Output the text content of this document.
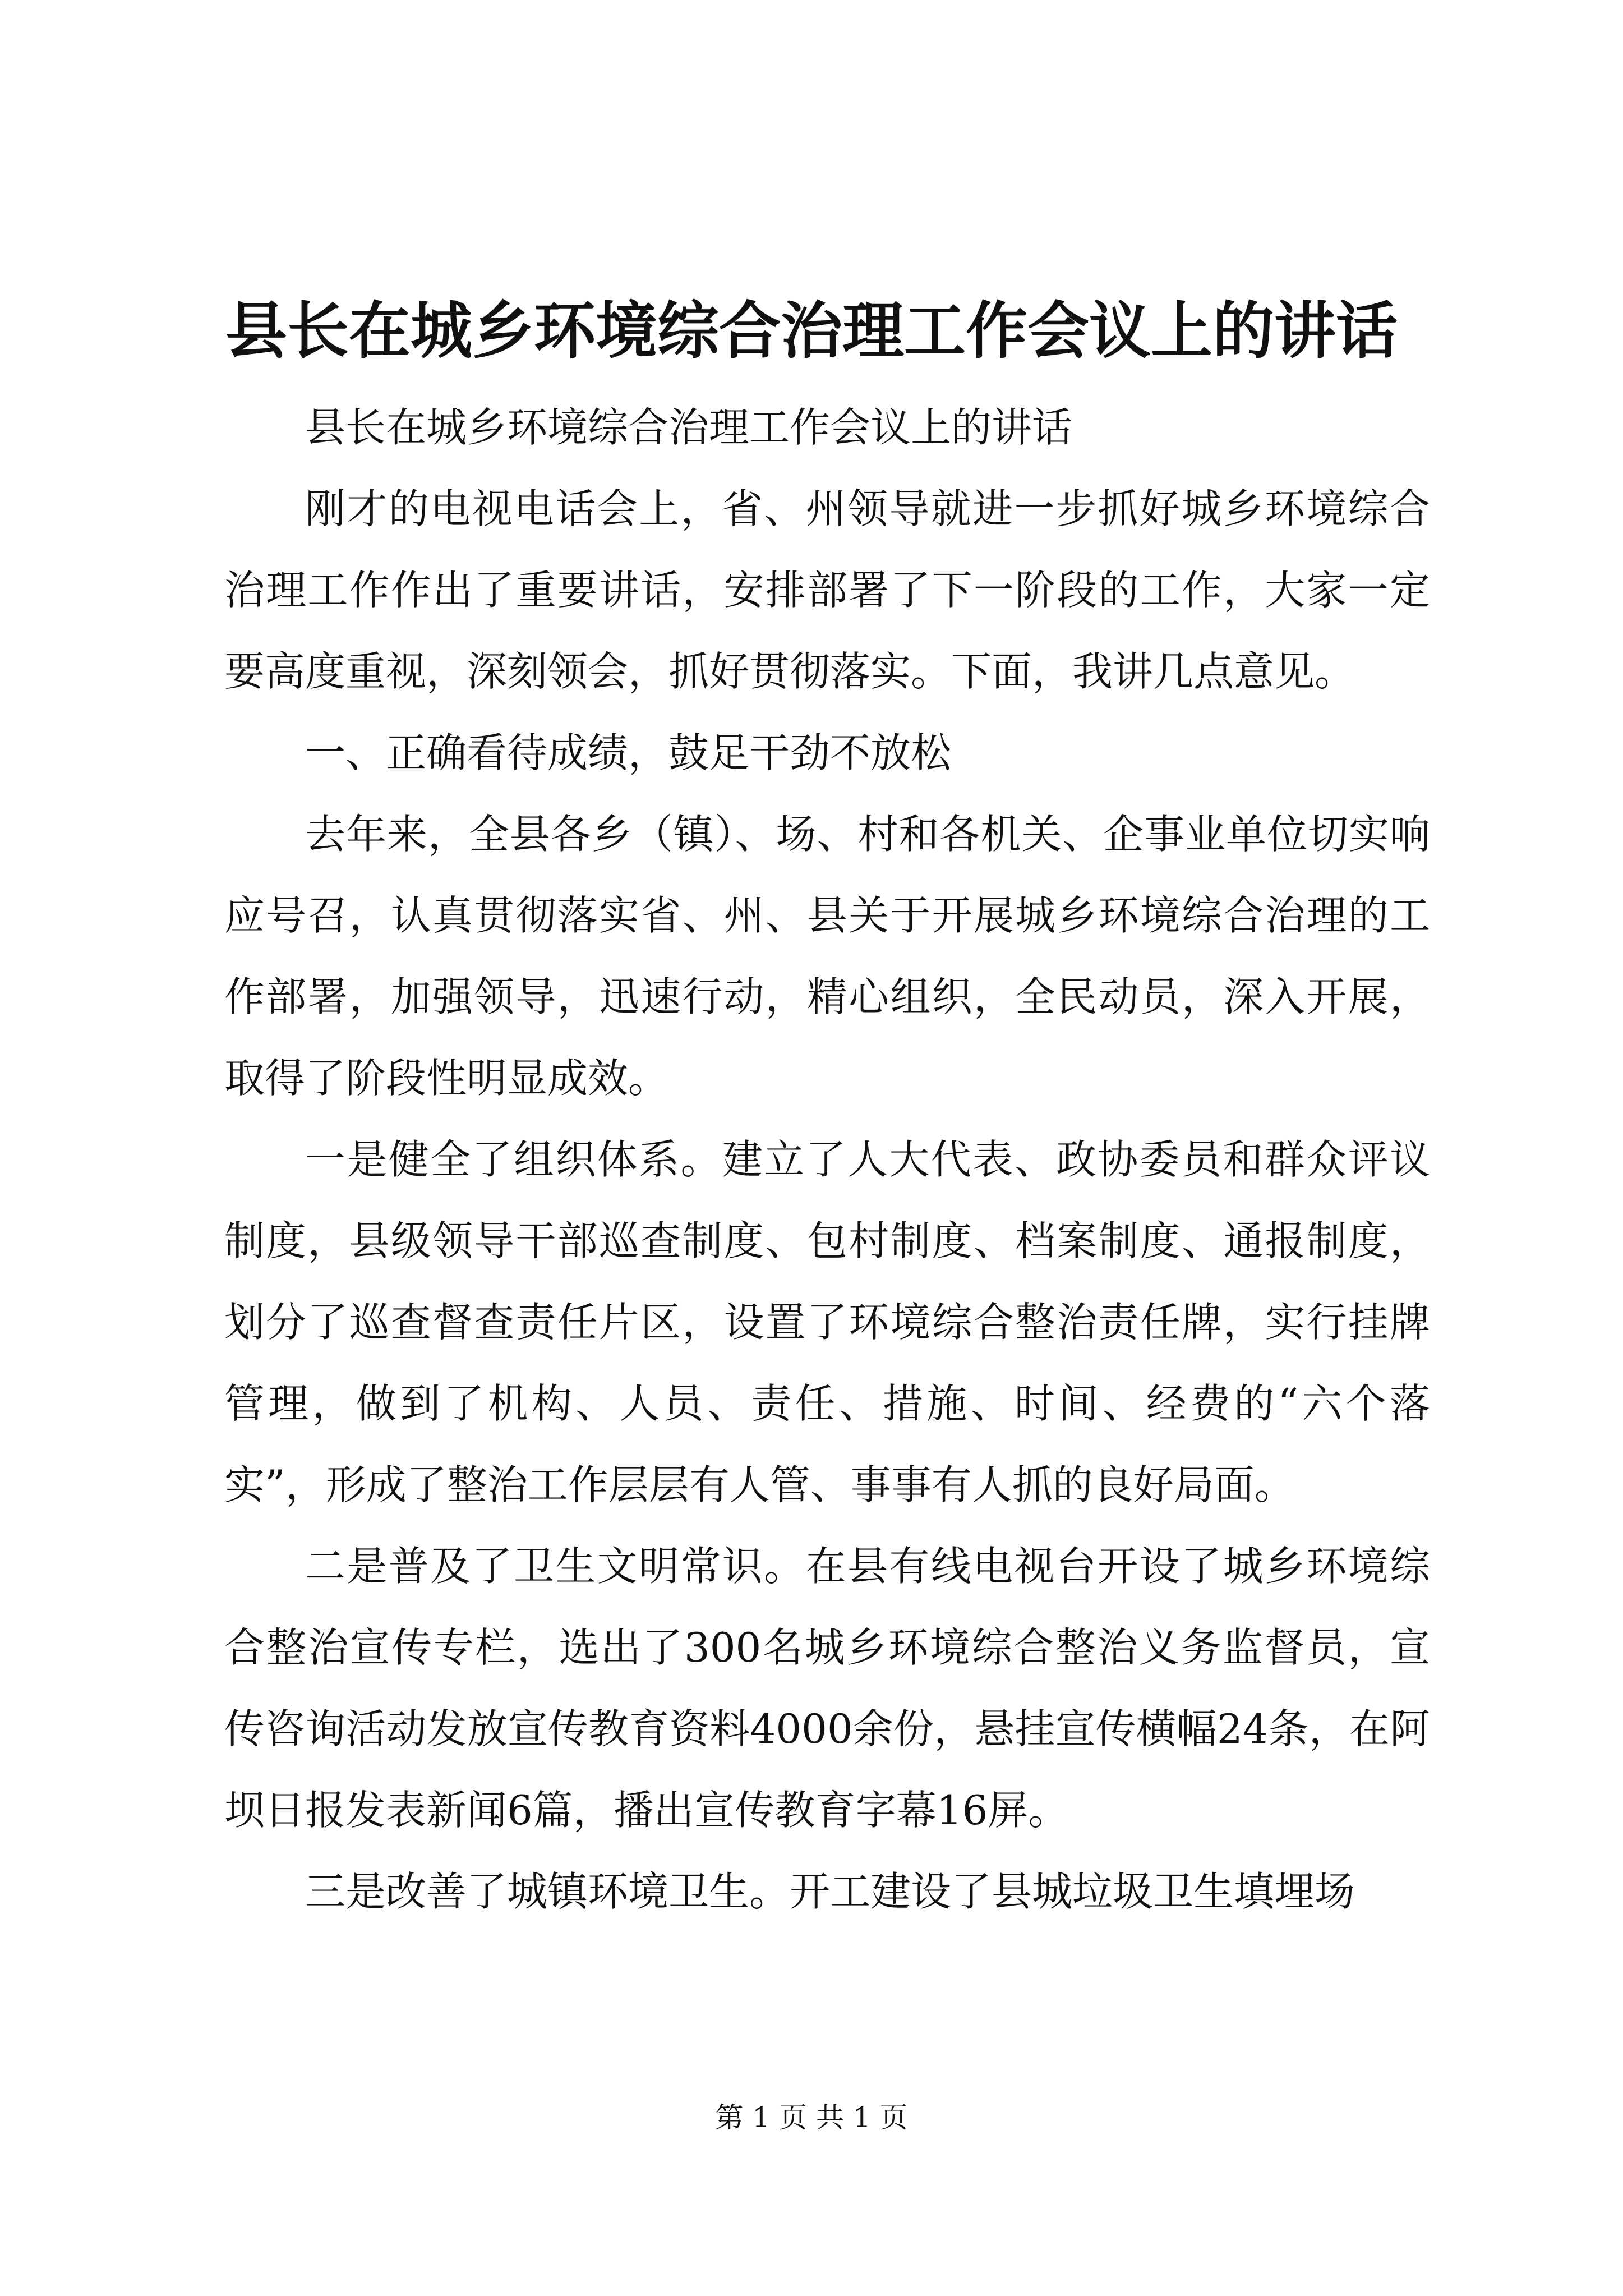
县长在城乡环境综合治理工作会议上的讲话

县长在城乡环境综合治理工作会议上的讲话

刚才的电视电话会上，省、州领导就进一步抓好城乡环境综合治理工作作出了重要讲话，安排部署了下一阶段的工作，大家一定要高度重视，深刻领会，抓好贯彻落实。下面，我讲几点意见。

一、正确看待成绩，鼓足干劲不放松

去年来，全县各乡（镇）、场、村和各机关、企事业单位切实响应号召，认真贯彻落实省、州、县关于开展城乡环境综合治理的工作部署，加强领导，迅速行动，精心组织，全民动员，深入开展，取得了阶段性明显成效。

一是健全了组织体系。建立了人大代表、政协委员和群众评议制度，县级领导干部巡查制度、包村制度、档案制度、通报制度，划分了巡查督查责任片区，设置了环境综合整治责任牌，实行挂牌管理，做到了机构、人员、责任、措施、时间、经费的“六个落实”，形成了整治工作层层有人管、事事有人抓的良好局面。

二是普及了卫生文明常识。在县有线电视台开设了城乡环境综合整治宣传专栏，选出了300名城乡环境综合整治义务监督员，宣传咨询活动发放宣传教育资料4000余份，悬挂宣传横幅24条，在阿坝日报发表新闻6篇，播出宣传教育字幕16屏。

三是改善了城镇环境卫生。开工建设了县城垃圾卫生填埋场

第 1 页 共 1 页
